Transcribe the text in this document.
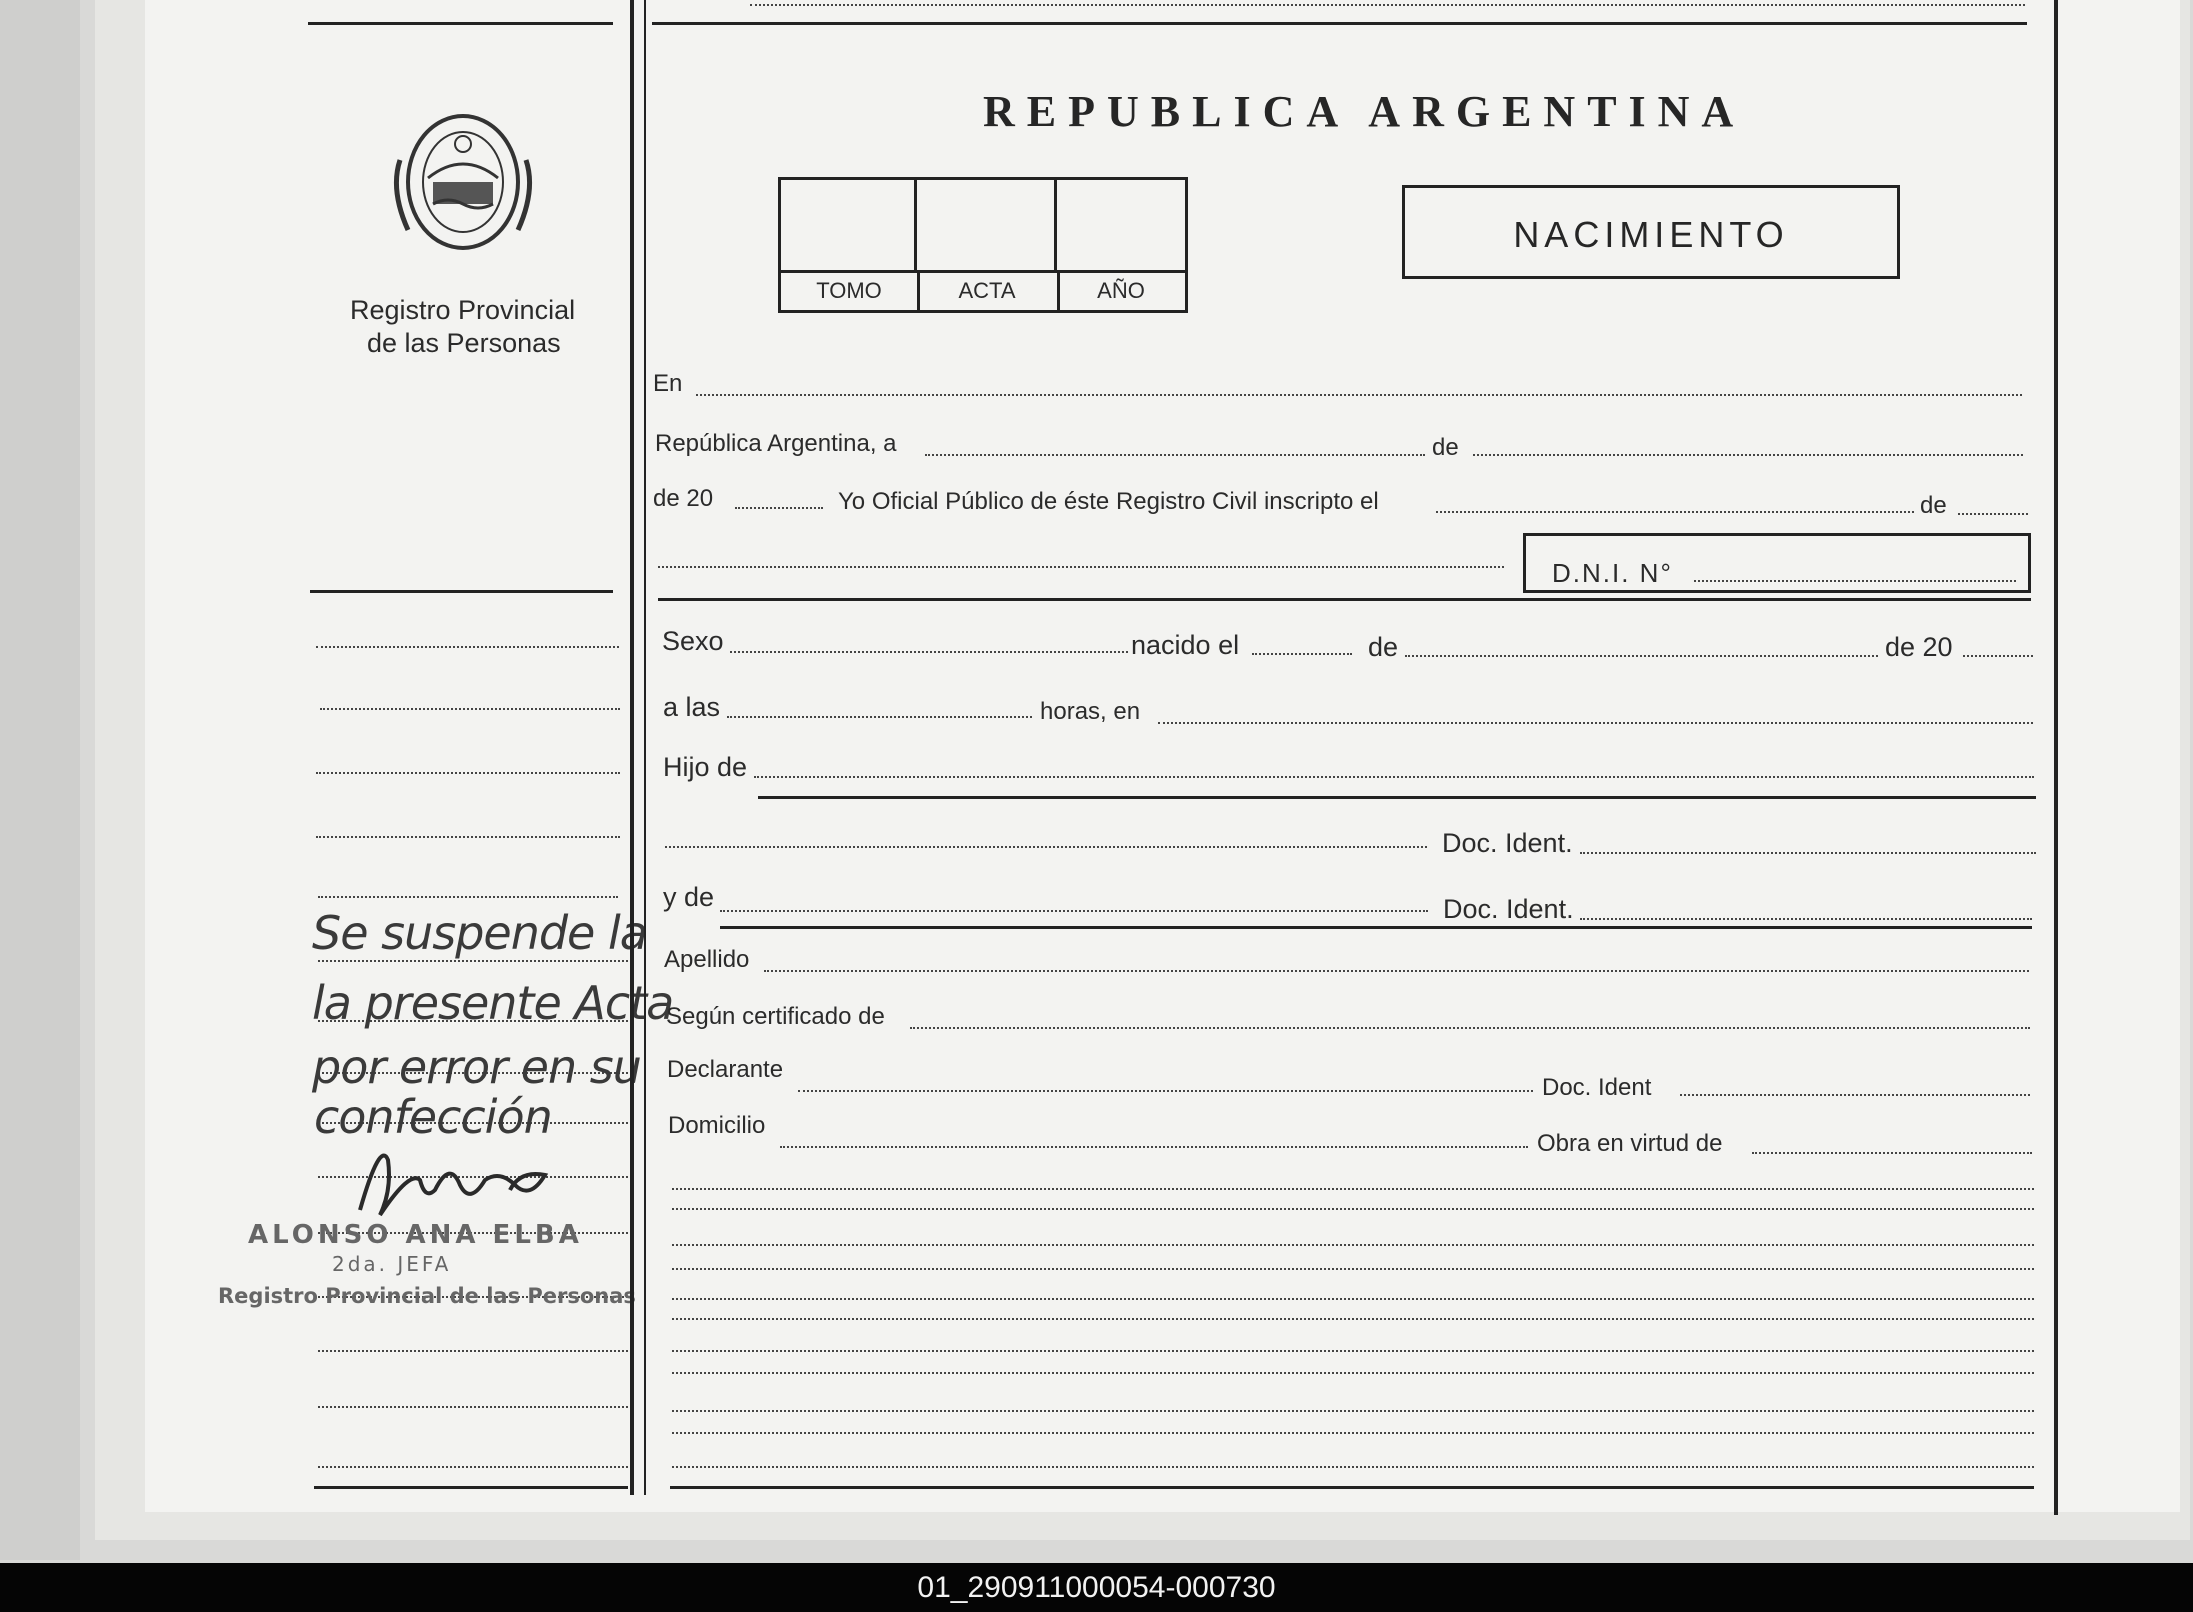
Registro Provincial
de las Personas
Se suspende la
la presente Acta
por error en su
confección
ALONSO ANA ELBA
2da. JEFA
Registro Provincial de las Personas
REPUBLICA ARGENTINA
TOMO	ACTA	AÑO
NACIMIENTO
En
República Argentina, a	de
de 20	Yo Oficial Público de éste Registro Civil inscripto el	de
D.N.I. N°
Sexo	nacido el	de	de 20
a las	horas, en
Hijo de
Doc. Ident.
y de	Doc. Ident.
Apellido
Según certificado de
Declarante
Doc. Ident
Domicilio
Obra en virtud de
01_290911000054-000730
